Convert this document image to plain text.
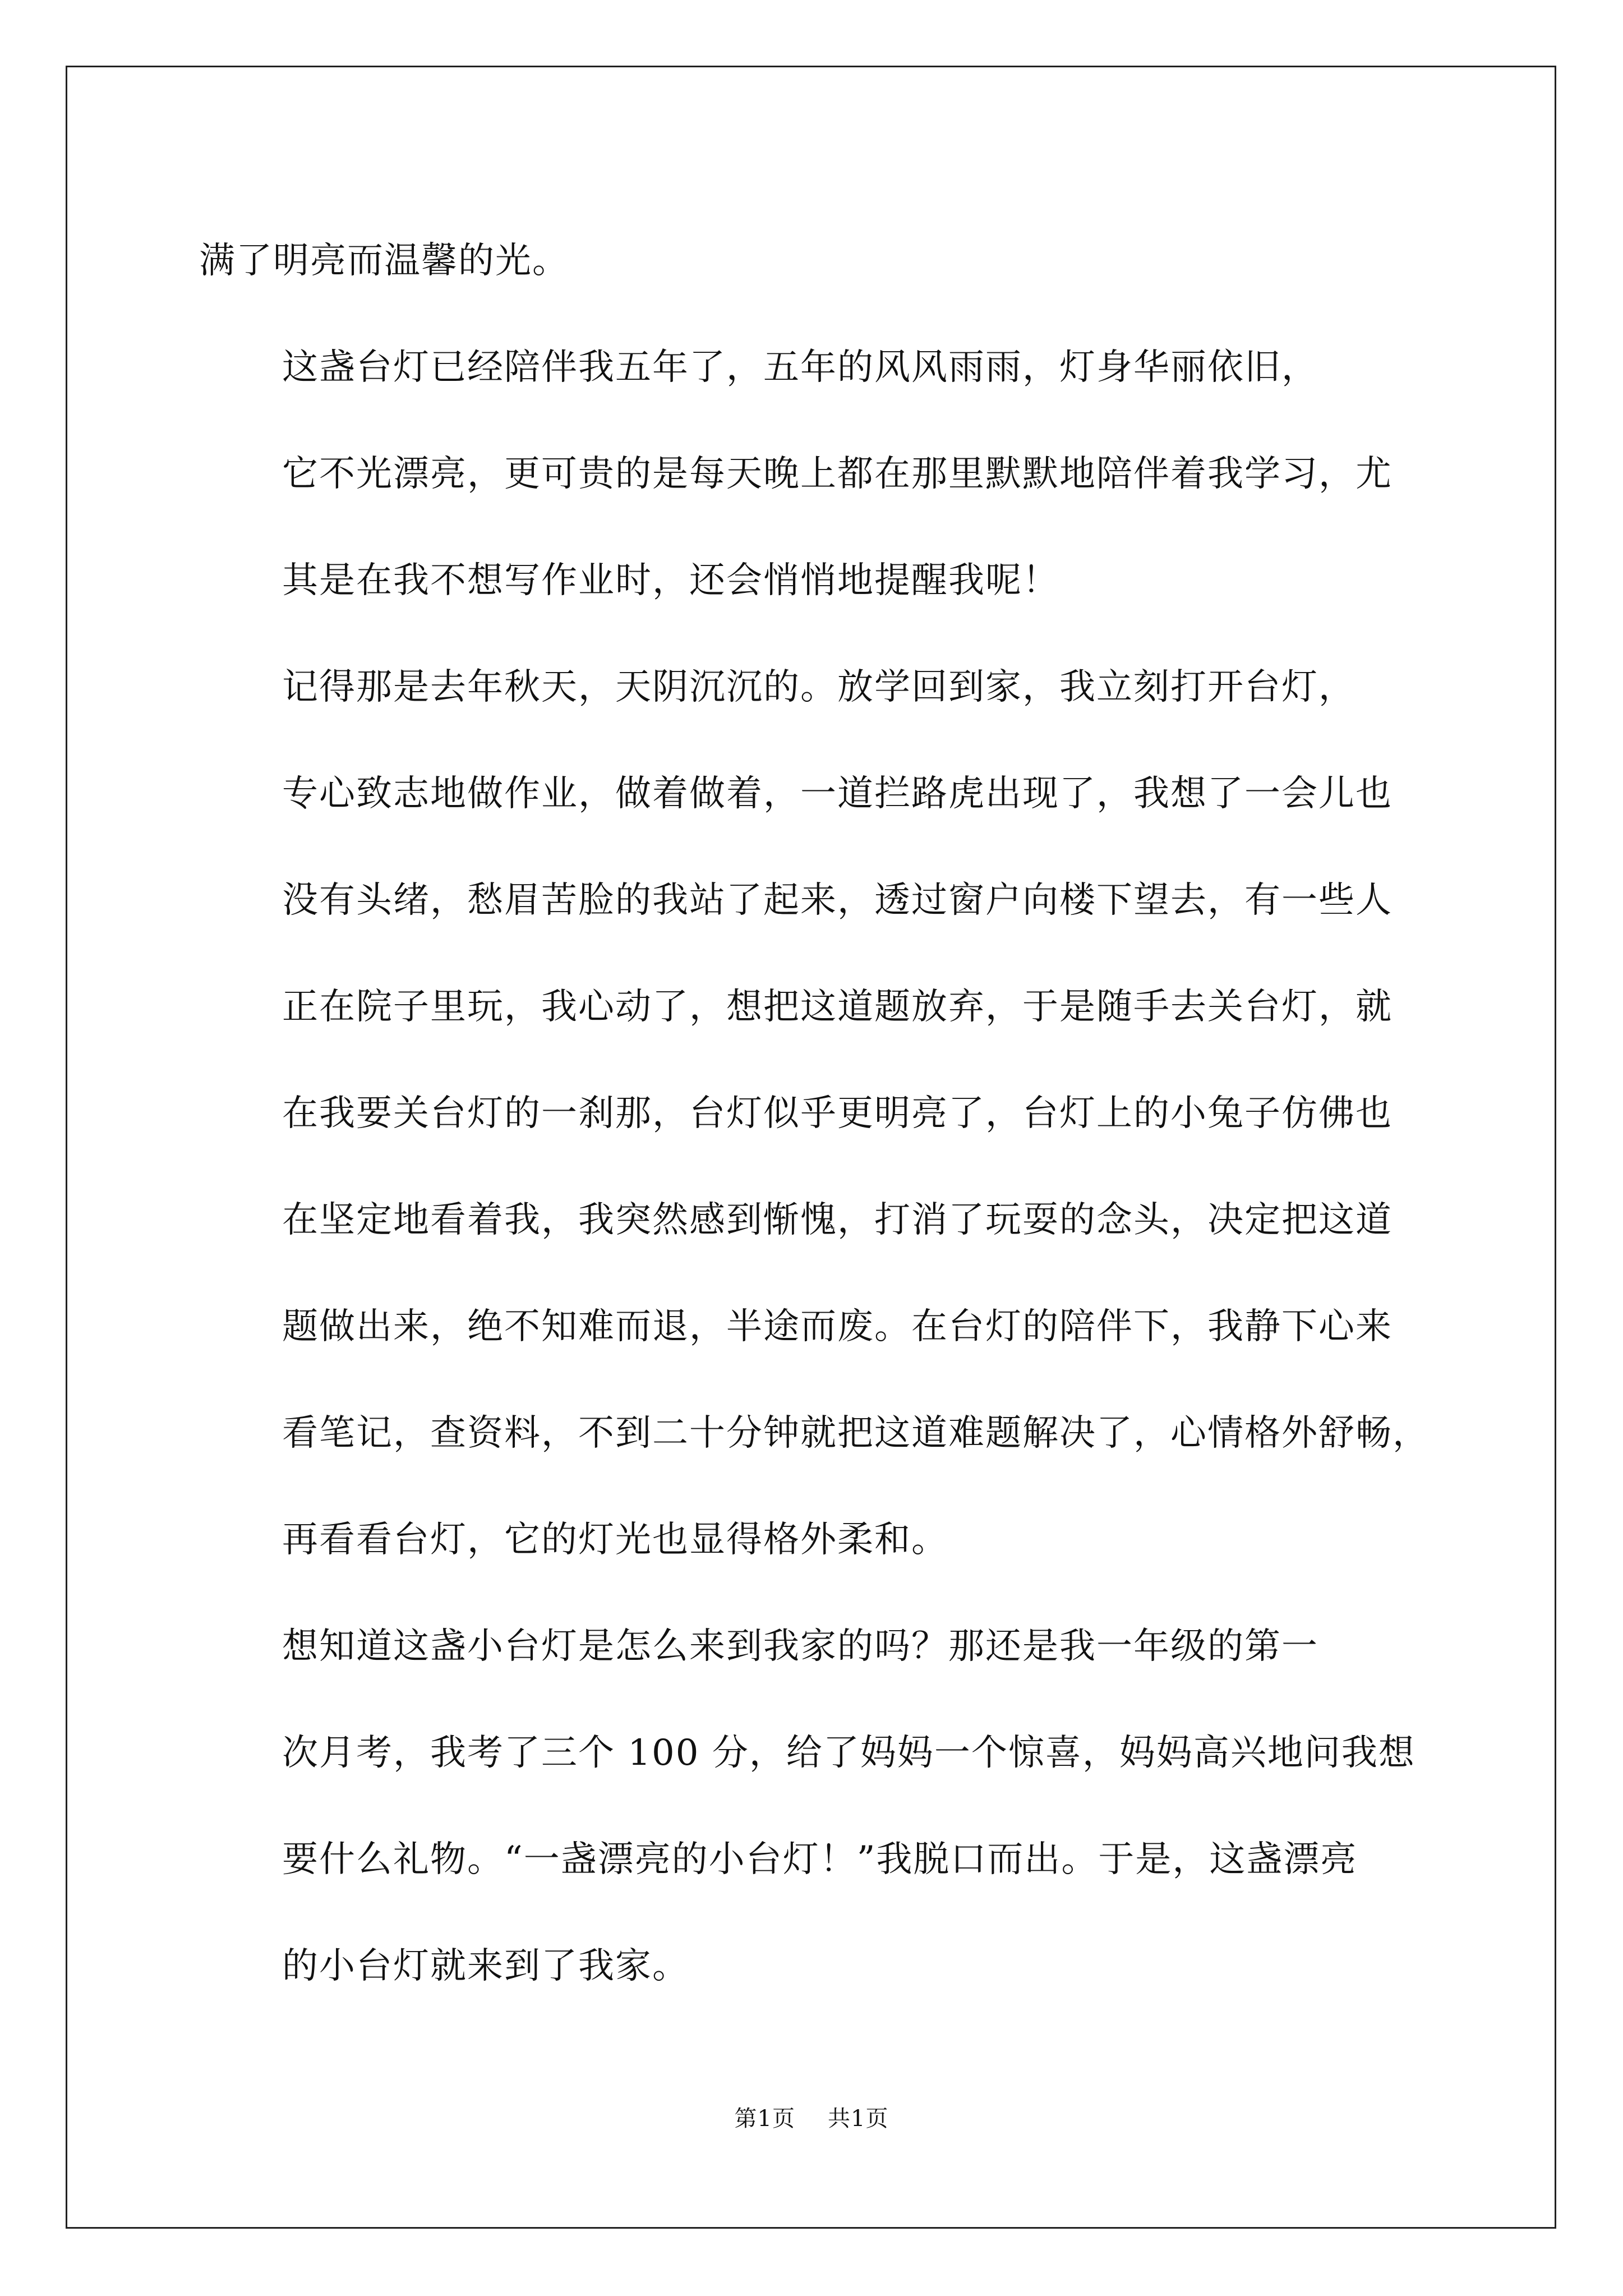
满了明亮而温馨的光。

这盏台灯已经陪伴我五年了，五年的风风雨雨，灯身华丽依旧，
它不光漂亮，更可贵的是每天晚上都在那里默默地陪伴着我学习，尤
其是在我不想写作业时，还会悄悄地提醒我呢！

记得那是去年秋天，天阴沉沉的。放学回到家，我立刻打开台灯，
专心致志地做作业，做着做着，一道拦路虎出现了，我想了一会儿也
没有头绪，愁眉苦脸的我站了起来，透过窗户向楼下望去，有一些人
正在院子里玩，我心动了，想把这道题放弃，于是随手去关台灯，就
在我要关台灯的一刹那，台灯似乎更明亮了，台灯上的小兔子仿佛也
在坚定地看着我，我突然感到惭愧，打消了玩耍的念头，决定把这道
题做出来，绝不知难而退，半途而废。在台灯的陪伴下，我静下心来
看笔记，查资料，不到二十分钟就把这道难题解决了，心情格外舒畅，
再看看台灯，它的灯光也显得格外柔和。

想知道这盏小台灯是怎么来到我家的吗？那还是我一年级的第一
次月考，我考了三个 100 分，给了妈妈一个惊喜，妈妈高兴地问我想
要什么礼物。“一盏漂亮的小台灯！”我脱口而出。于是，这盏漂亮
的小台灯就来到了我家。

第1页 共1页
